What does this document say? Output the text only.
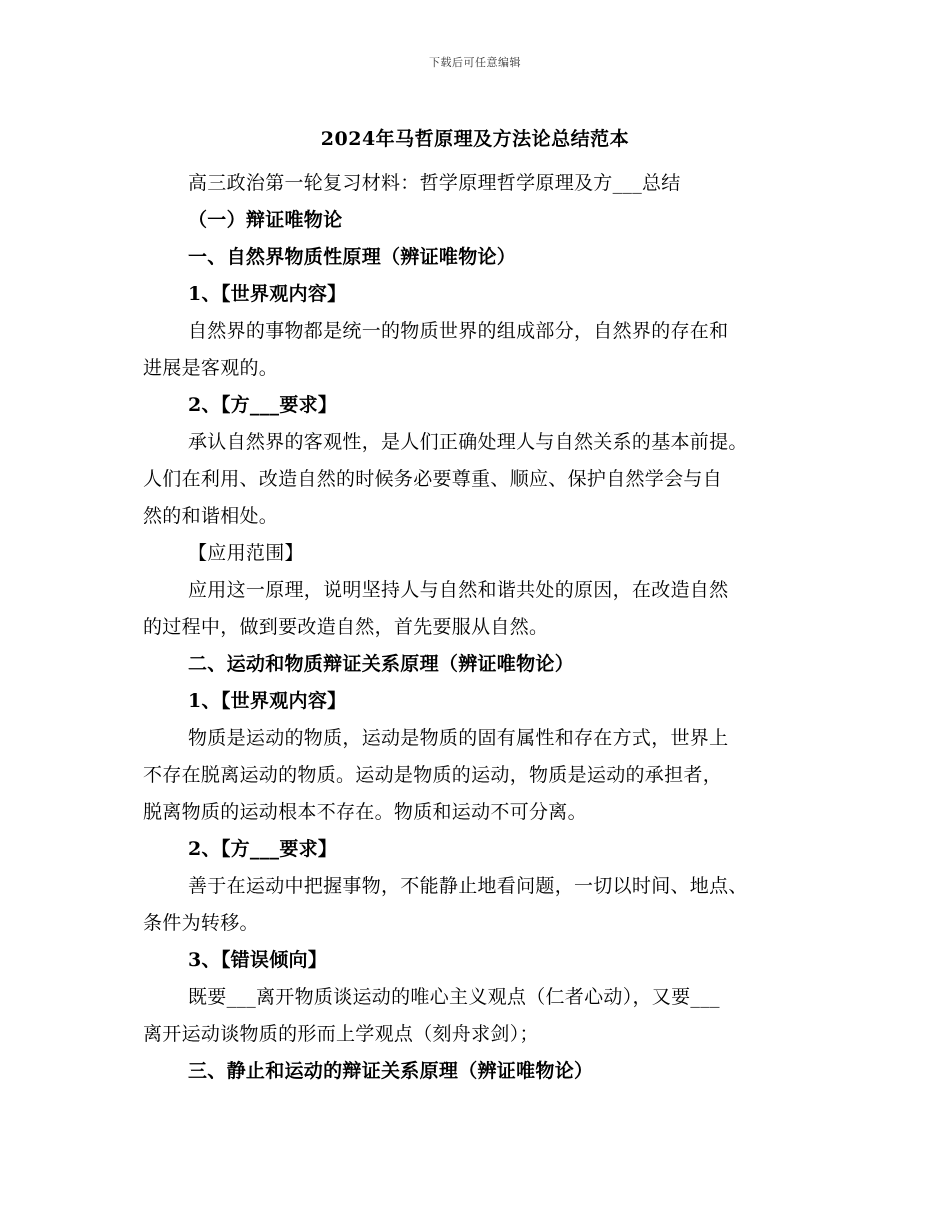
下载后可任意编辑
2024年马哲原理及方法论总结范本
高三政治第一轮复习材料：哲学原理哲学原理及方___总结
（一）辩证唯物论
一、自然界物质性原理（辨证唯物论）
1、【世界观内容】
自然界的事物都是统一的物质世界的组成部分，自然界的存在和
进展是客观的。
2、【方___要求】
承认自然界的客观性，是人们正确处理人与自然关系的基本前提。
人们在利用、改造自然的时候务必要尊重、顺应、保护自然学会与自
然的和谐相处。
【应用范围】
应用这一原理，说明坚持人与自然和谐共处的原因，在改造自然
的过程中，做到要改造自然，首先要服从自然。
二、运动和物质辩证关系原理（辨证唯物论）
1、【世界观内容】
物质是运动的物质，运动是物质的固有属性和存在方式，世界上
不存在脱离运动的物质。运动是物质的运动，物质是运动的承担者，
脱离物质的运动根本不存在。物质和运动不可分离。
2、【方___要求】
善于在运动中把握事物，不能静止地看问题，一切以时间、地点、
条件为转移。
3、【错误倾向】
既要___离开物质谈运动的唯心主义观点（仁者心动），又要___
离开运动谈物质的形而上学观点（刻舟求剑）；
三、静止和运动的辩证关系原理（辨证唯物论）
